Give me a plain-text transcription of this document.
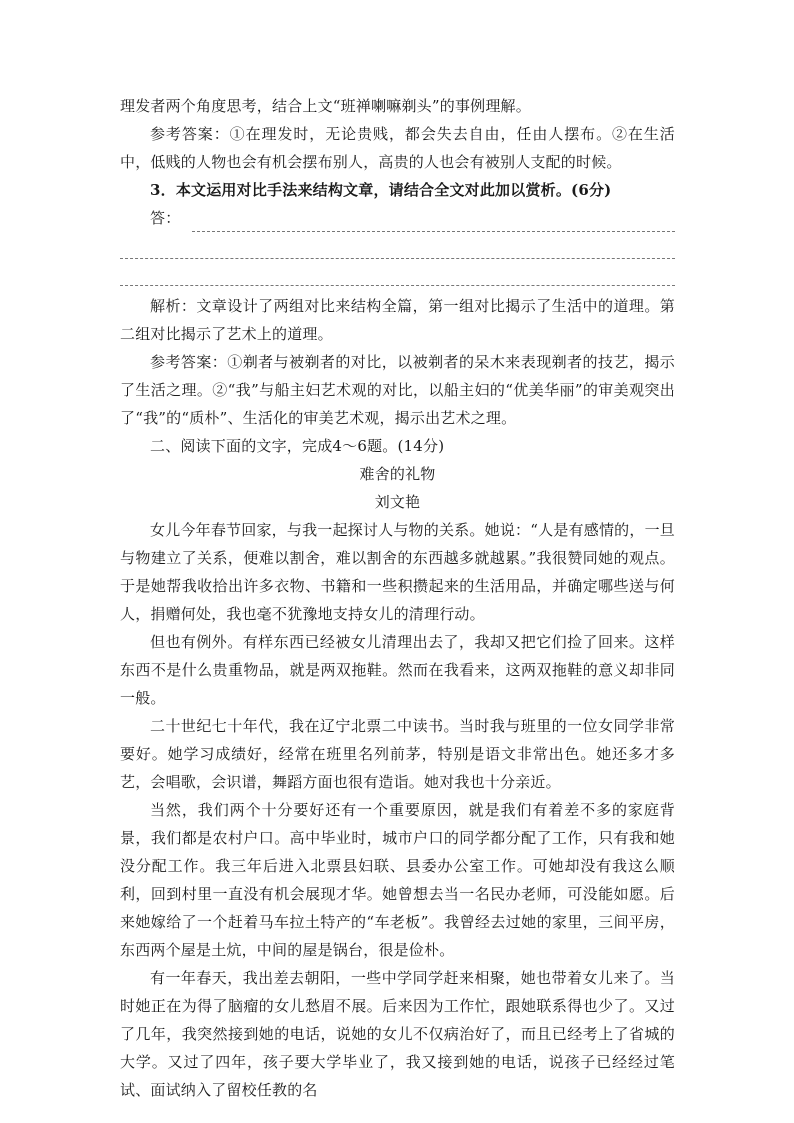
理发者两个角度思考，结合上文“班禅喇嘛剃头”的事例理解。

参考答案：①在理发时，无论贵贱，都会失去自由，任由人摆布。②在生活中，低贱的人物也会有机会摆布别人，高贵的人也会有被别人支配的时候。

3．本文运用对比手法来结构文章，请结合全文对此加以赏析。(6分)

答：

解析：文章设计了两组对比来结构全篇，第一组对比揭示了生活中的道理。第二组对比揭示了艺术上的道理。

参考答案：①剃者与被剃者的对比，以被剃者的呆木来表现剃者的技艺，揭示了生活之理。②“我”与船主妇艺术观的对比，以船主妇的“优美华丽”的审美观突出了“我”的“质朴”、生活化的审美艺术观，揭示出艺术之理。

二、阅读下面的文字，完成4～6题。(14分)

难舍的礼物

刘文艳

女儿今年春节回家，与我一起探讨人与物的关系。她说：“人是有感情的，一旦与物建立了关系，便难以割舍，难以割舍的东西越多就越累。”我很赞同她的观点。于是她帮我收拾出许多衣物、书籍和一些积攒起来的生活用品，并确定哪些送与何人，捐赠何处，我也毫不犹豫地支持女儿的清理行动。

但也有例外。有样东西已经被女儿清理出去了，我却又把它们捡了回来。这样东西不是什么贵重物品，就是两双拖鞋。然而在我看来，这两双拖鞋的意义却非同一般。

二十世纪七十年代，我在辽宁北票二中读书。当时我与班里的一位女同学非常要好。她学习成绩好，经常在班里名列前茅，特别是语文非常出色。她还多才多艺，会唱歌，会识谱，舞蹈方面也很有造诣。她对我也十分亲近。

当然，我们两个十分要好还有一个重要原因，就是我们有着差不多的家庭背景，我们都是农村户口。高中毕业时，城市户口的同学都分配了工作，只有我和她没分配工作。我三年后进入北票县妇联、县委办公室工作。可她却没有我这么顺利，回到村里一直没有机会展现才华。她曾想去当一名民办老师，可没能如愿。后来她嫁给了一个赶着马车拉土特产的“车老板”。我曾经去过她的家里，三间平房，东西两个屋是土炕，中间的屋是锅台，很是俭朴。

有一年春天，我出差去朝阳，一些中学同学赶来相聚，她也带着女儿来了。当时她正在为得了脑瘤的女儿愁眉不展。后来因为工作忙，跟她联系得也少了。又过了几年，我突然接到她的电话，说她的女儿不仅病治好了，而且已经考上了省城的大学。又过了四年，孩子要大学毕业了，我又接到她的电话，说孩子已经经过笔试、面试纳入了留校任教的名
